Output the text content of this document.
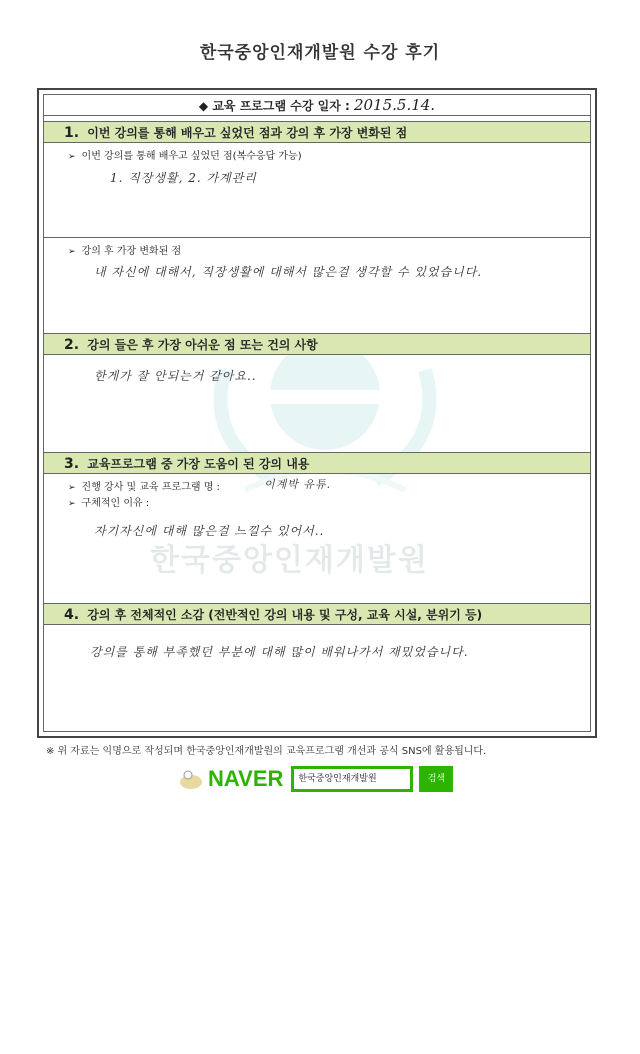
한국중앙인재개발원 수강 후기
한국중앙인재개발원
◆ 교육 프로그램 수강 일자 : 2015.5.14.
1. 이번 강의를 통해 배우고 싶었던 점과 강의 후 가장 변화된 점
➢ 이번 강의를 통해 배우고 싶었던 점(복수응답 가능)
1. 직장생활, 2. 가계관리
➢ 강의 후 가장 변화된 점
내 자신에 대해서, 직장생활에 대해서 많은걸 생각할 수 있었습니다.
2. 강의 들은 후 가장 아쉬운 점 또는 건의 사항
한게가 잘 안되는거 같아요..
3. 교육프로그램 중 가장 도움이 된 강의 내용
➢ 진행 강사 및 교육 프로그램 명 :	이계박 유튜.
➢ 구체적인 이유 :
자기자신에 대해 많은걸 느낄수 있어서..
4. 강의 후 전체적인 소감 (전반적인 강의 내용 및 구성, 교육 시설, 분위기 등)
강의를 통해 부족했던 부분에 대해 많이 배워나가서 재밌었습니다.
※ 위 자료는 익명으로 작성되며 한국중앙인재개발원의 교육프로그램 개선과 공식 SNS에 활용됩니다.
NAVER	한국중앙인재개발원	검색
